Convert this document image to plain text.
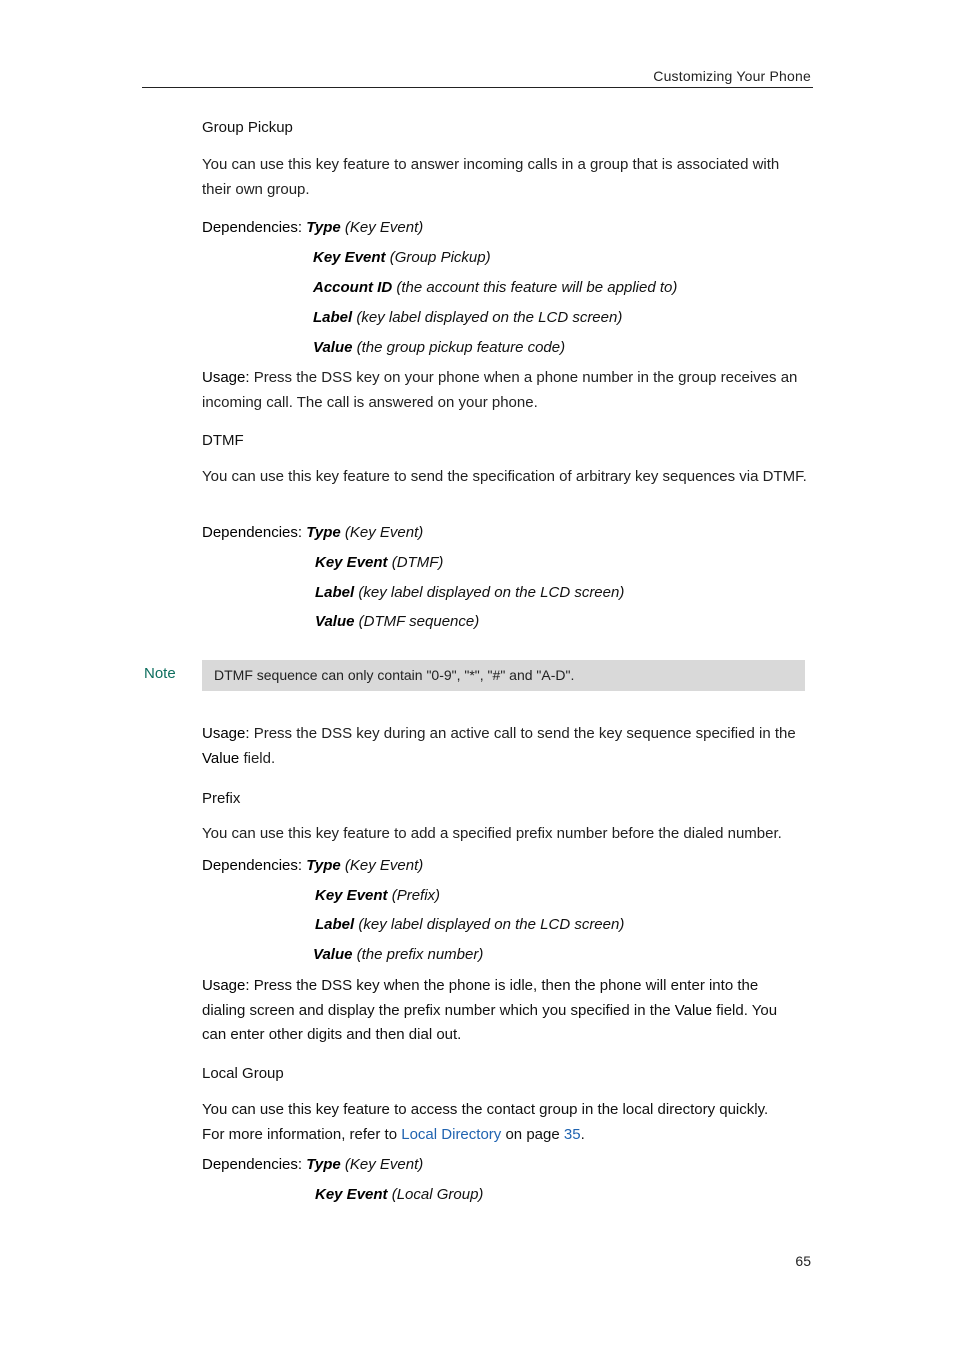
Customizing Your Phone
Group Pickup
You can use this key feature to answer incoming calls in a group that is associated with their own group.
Dependencies: Type (Key Event)
Key Event (Group Pickup)
Account ID (the account this feature will be applied to)
Label (key label displayed on the LCD screen)
Value (the group pickup feature code)
Usage: Press the DSS key on your phone when a phone number in the group receives an incoming call. The call is answered on your phone.
DTMF
You can use this key feature to send the specification of arbitrary key sequences via DTMF.
Dependencies: Type (Key Event)
Key Event (DTMF)
Label (key label displayed on the LCD screen)
Value (DTMF sequence)
Note	DTMF sequence can only contain "0-9", "*", "#" and "A-D".
Usage: Press the DSS key during an active call to send the key sequence specified in the Value field.
Prefix
You can use this key feature to add a specified prefix number before the dialed number.
Dependencies: Type (Key Event)
Key Event (Prefix)
Label (key label displayed on the LCD screen)
Value (the prefix number)
Usage: Press the DSS key when the phone is idle, then the phone will enter into the
dialing screen and display the prefix number which you specified in the Value field. You
can enter other digits and then dial out.
Local Group
You can use this key feature to access the contact group in the local directory quickly.
For more information, refer to Local Directory on page 35.
Dependencies: Type (Key Event)
Key Event (Local Group)
65
